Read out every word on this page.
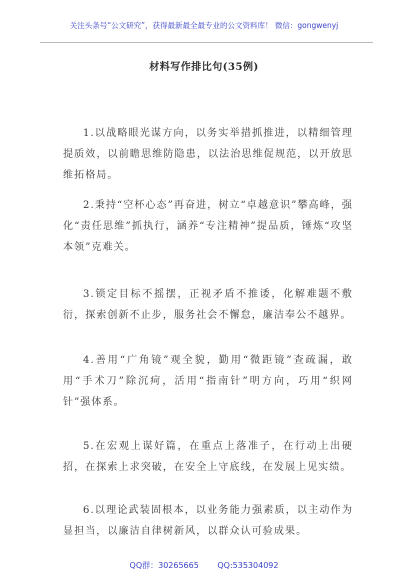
关注头条号“公文研究”，获得最新最全最专业的公文资料库！ 微信：gongwenyj
材料写作排比句(35例)

1.以战略眼光谋方向，以务实举措抓推进，以精细管理提质效，以前瞻思维防隐患，以法治思维促规范，以开放思维拓格局。

2.秉持“空杯心态”再奋进，树立“卓越意识”攀高峰，强化“责任思维”抓执行，涵养“专注精神”提品质，锤炼“攻坚本领”克难关。

3.锁定目标不摇摆，正视矛盾不推诿，化解难题不敷衍，探索创新不止步，服务社会不懈怠，廉洁奉公不越界。

4.善用“广角镜”观全貌，勤用“微距镜”查疏漏，敢用“手术刀”除沉疴，活用“指南针”明方向，巧用“织网针”强体系。

5.在宏观上谋好篇，在重点上落准子，在行动上出硬招，在探索上求突破，在安全上守底线，在发展上见实绩。

6.以理论武装固根本，以业务能力强素质，以主动作为显担当，以廉洁自律树新风，以群众认可验成果。

QQ群：30265665 QQ:535304092
